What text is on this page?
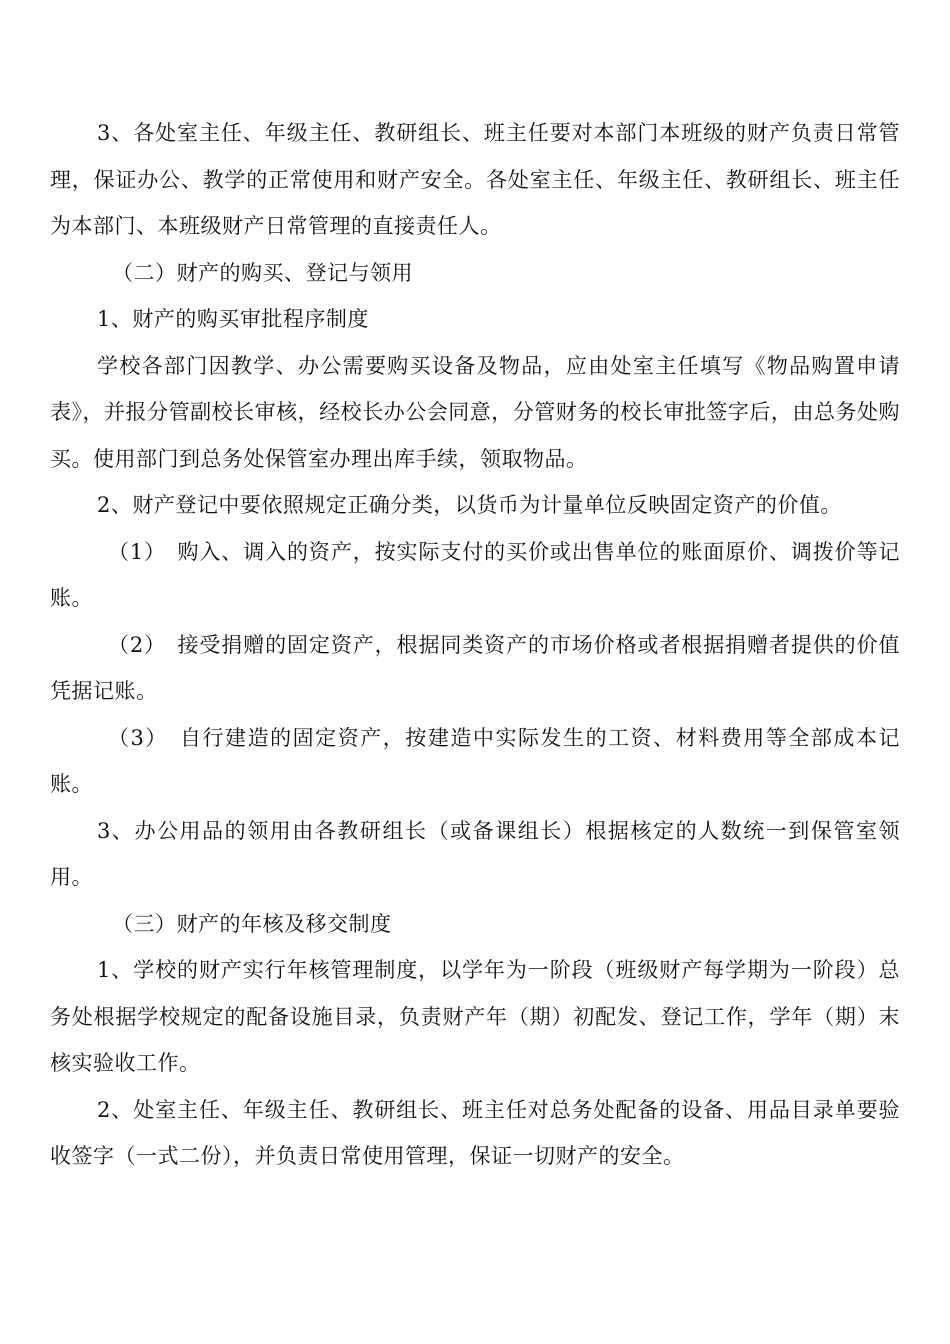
3、各处室主任、年级主任、教研组长、班主任要对本部门本班级的财产负责日常管理，保证办公、教学的正常使用和财产安全。各处室主任、年级主任、教研组长、班主任为本部门、本班级财产日常管理的直接责任人。

（二）财产的购买、登记与领用

1、财产的购买审批程序制度

学校各部门因教学、办公需要购买设备及物品，应由处室主任填写《物品购置申请表》，并报分管副校长审核，经校长办公会同意，分管财务的校长审批签字后，由总务处购买。使用部门到总务处保管室办理出库手续，领取物品。

2、财产登记中要依照规定正确分类，以货币为计量单位反映固定资产的价值。

（1）　购入、调入的资产，按实际支付的买价或出售单位的账面原价、调拨价等记账。

（2）　接受捐赠的固定资产，根据同类资产的市场价格或者根据捐赠者提供的价值凭据记账。

（3）　自行建造的固定资产，按建造中实际发生的工资、材料费用等全部成本记账。

3、办公用品的领用由各教研组长（或备课组长）根据核定的人数统一到保管室领用。

（三）财产的年核及移交制度

1、学校的财产实行年核管理制度，以学年为一阶段（班级财产每学期为一阶段）总务处根据学校规定的配备设施目录，负责财产年（期）初配发、登记工作，学年（期）末核实验收工作。

2、处室主任、年级主任、教研组长、班主任对总务处配备的设备、用品目录单要验收签字（一式二份），并负责日常使用管理，保证一切财产的安全。
